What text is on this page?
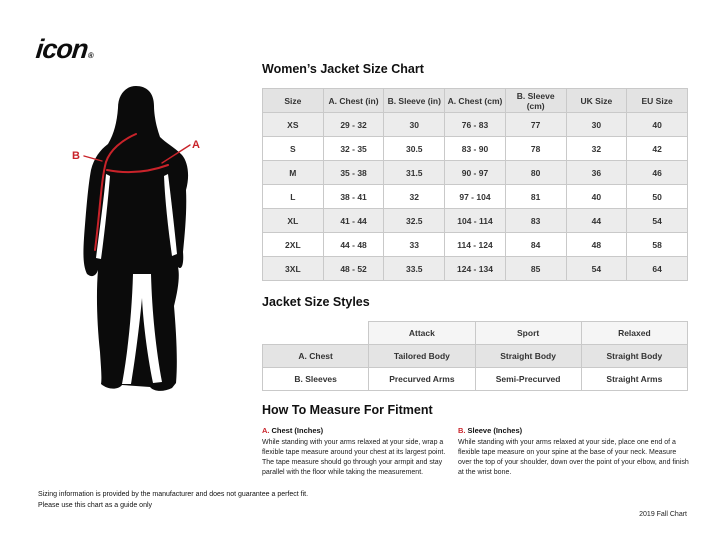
icon®
A
B
Women’s Jacket Size Chart
Size	A. Chest (in)	B. Sleeve (in)	A. Chest (cm)	B. Sleeve (cm)	UK Size	EU Size
XS	29 - 32	30	76 - 83	77	30	40
S	32 - 35	30.5	83 - 90	78	32	42
M	35 - 38	31.5	90 - 97	80	36	46
L	38 - 41	32	97 - 104	81	40	50
XL	41 - 44	32.5	104 - 114	83	44	54
2XL	44 - 48	33	114 - 124	84	48	58
3XL	48 - 52	33.5	124 - 134	85	54	64
Jacket Size Styles
	Attack	Sport	Relaxed
A. Chest	Tailored Body	Straight Body	Straight Body
B. Sleeves	Precurved Arms	Semi-Precurved	Straight Arms
How To Measure For Fitment
A. Chest (Inches)
While standing with your arms relaxed at your side, wrap a flexible tape measure around your chest at its largest point. The tape measure should go through your armpit and stay parallel with the floor while taking the measurement.
B. Sleeve (Inches)
While standing with your arms relaxed at your side, place one end of a flexible tape measure on your spine at the base of your neck. Measure over the top of your shoulder, down over the point of your elbow, and finish at the wrist bone.
Sizing information is provided by the manufacturer and does not guarantee a perfect fit.
Please use this chart as a guide only
2019 Fall Chart
